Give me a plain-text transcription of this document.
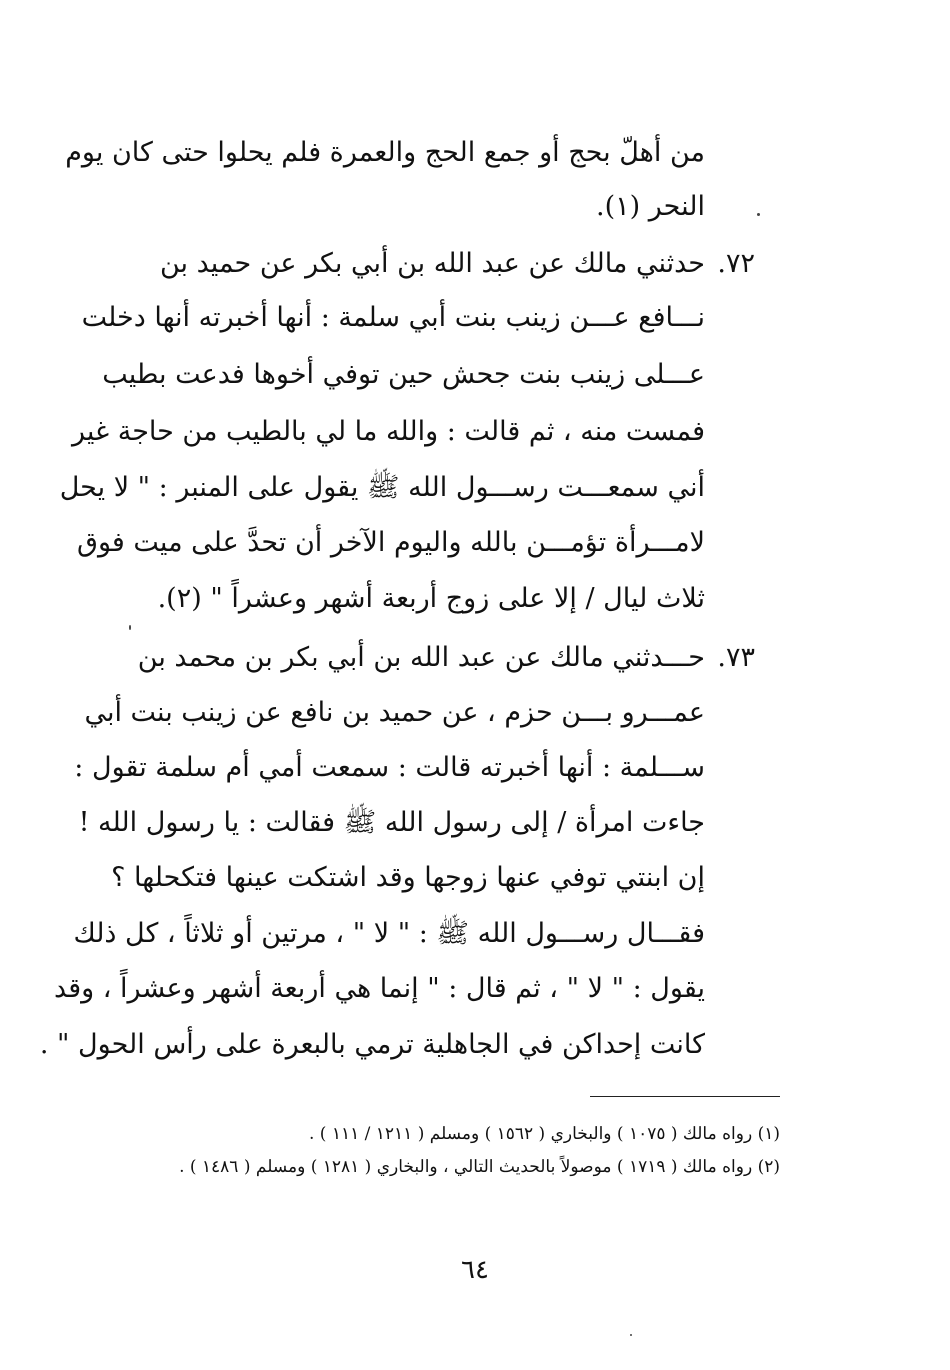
من أهلّ بحج أو جمع الحج والعمرة فلم يحلوا حتى كان يوم
النحر (١).
٧٢.
حدثني مالك عن عبد الله بن أبي بكر عن حميد بن
نـــافع عـــن زينب بنت أبي سلمة : أنها أخبرته أنها دخلت
عـــلى زينب بنت جحش حين توفي أخوها فدعت بطيب
فمست منه ، ثم قالت : والله ما لي بالطيب من حاجة غير
أني سمعـــت رســـول الله ﷺ يقول على المنبر : " لا يحل
لامـــرأة تؤمـــن بالله واليوم الآخر أن تحدَّ على ميت فوق
ثلاث ليال / إلا على زوج أربعة أشهر وعشراً " (٢).
٧٣.
حـــدثني مالك عن عبد الله بن أبي بكر بن محمد بن
عمـــرو بـــن حزم ، عن حميد بن نافع عن زينب بنت أبي
ســـلمة : أنها أخبرته قالت : سمعت أمي أم سلمة تقول :
جاءت امرأة / إلى رسول الله ﷺ فقالت : يا رسول الله !
إن ابنتي توفي عنها زوجها وقد اشتكت عينها فتكحلها ؟
فقـــال رســـول الله ﷺ : " لا " ، مرتين أو ثلاثاً ، كل ذلك
يقول : " لا " ، ثم قال : " إنما هي أربعة أشهر وعشراً ، وقد
كانت إحداكن في الجاهلية ترمي بالبعرة على رأس الحول " .
(١) رواه مالك ( ١٠٧٥ ) والبخاري ( ١٥٦٢ ) ومسلم ( ١٢١١ / ١١١ ) .
(٢) رواه مالك ( ١٧١٩ ) موصولاً بالحديث التالي ، والبخاري ( ١٢٨١ ) ومسلم ( ١٤٨٦ ) .
٦٤
